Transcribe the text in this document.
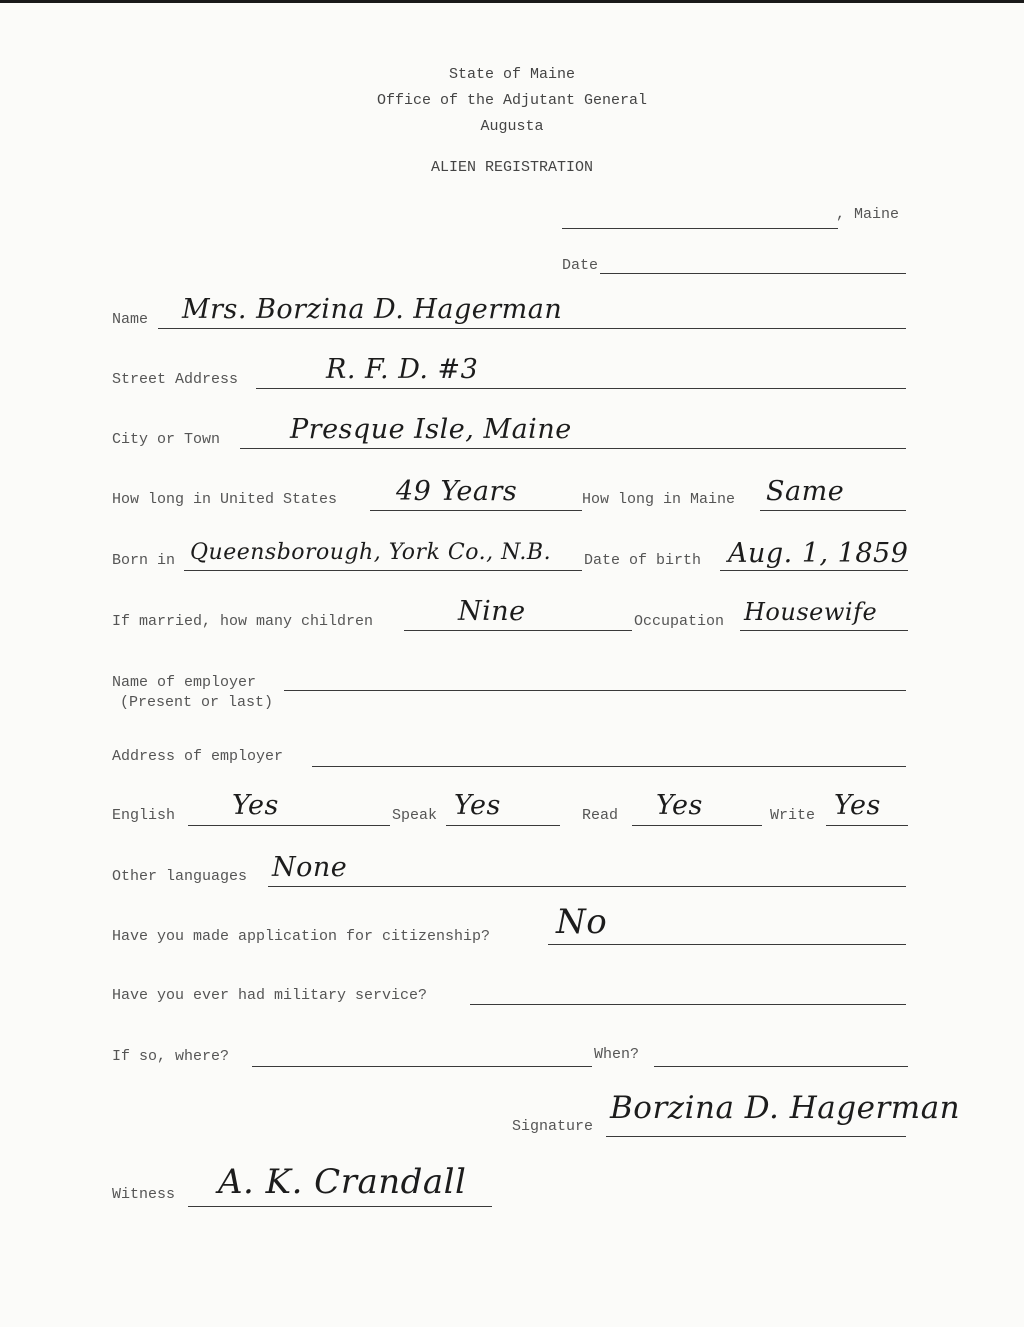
State of Maine
Office of the Adjutant General
Augusta
ALIEN REGISTRATION
, Maine
Date
Name Mrs. Borzina D. Hagerman
Street Address	R. F. D. #3
City or Town	Presque Isle, Maine
How long in United States 49 Years	How long in Maine Same
Born in Queensborough, York Co., N.B. Date of birth Aug. 1, 1859
If married, how many children	Nine	Occupation Housewife
Name of employer
(Present or last)
Address of employer
English Yes	Speak Yes	Read Yes	Write Yes
Other languages None
Have you made application for citizenship? No
Have you ever had military service?
If so, where?	When?
Signature
Borzina D. Hagerman
Witness A. K. Crandall
